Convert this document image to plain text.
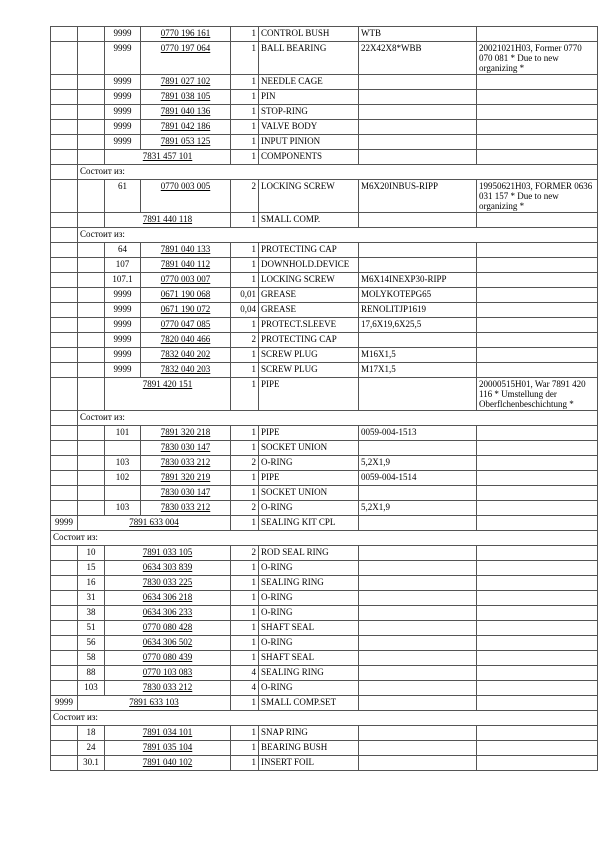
		9999	0770 196 161	1	CONTROL BUSH	WTB	
		9999	0770 197 064	1	BALL BEARING	22X42X8*WBB	20021021H03, Former 0770 070 081 * Due to new organizing *
		9999	7891 027 102	1	NEEDLE CAGE		
		9999	7891 038 105	1	PIN		
		9999	7891 040 136	1	STOP-RING		
		9999	7891 042 186	1	VALVE BODY		
		9999	7891 053 125	1	INPUT PINION		
		7831 457 101		1	COMPONENTS		
	Состоит из:						
		61	0770 003 005	2	LOCKING SCREW	M6X20INBUS-RIPP	19950621H03, FORMER 0636 031 157 * Due to new organizing *
		7891 440 118		1	SMALL COMP.		
	Состоит из:						
		64	7891 040 133	1	PROTECTING CAP		
		107	7891 040 112	1	DOWNHOLD.DEVICE		
		107.1	0770 003 007	1	LOCKING SCREW	M6X14INEXP30-RIPP	
		9999	0671 190 068	0,01	GREASE	MOLYKOTEPG65	
		9999	0671 190 072	0,04	GREASE	RENOLITJP1619	
		9999	0770 047 085	1	PROTECT.SLEEVE	17,6X19,6X25,5	
		9999	7820 040 466	2	PROTECTING CAP		
		9999	7832 040 202	1	SCREW PLUG	M16X1,5	
		9999	7832 040 203	1	SCREW PLUG	M17X1,5	
		7891 420 151		1	PIPE		20000515H01, War 7891 420 116 * Umstellung der Oberflchenbeschichtung *
	Состоит из:						
		101	7891 320 218	1	PIPE	0059-004-1513	
			7830 030 147	1	SOCKET UNION		
		103	7830 033 212	2	O-RING	5,2X1,9	
		102	7891 320 219	1	PIPE	0059-004-1514	
			7830 030 147	1	SOCKET UNION		
		103	7830 033 212	2	O-RING	5,2X1,9	
9999	7891 633 004			1	SEALING KIT CPL		
Состоит из:							
	10	7891 033 105		2	ROD SEAL RING		
	15	0634 303 839		1	O-RING		
	16	7830 033 225		1	SEALING RING		
	31	0634 306 218		1	O-RING		
	38	0634 306 233		1	O-RING		
	51	0770 080 428		1	SHAFT SEAL		
	56	0634 306 502		1	O-RING		
	58	0770 080 439		1	SHAFT SEAL		
	88	0770 103 083		4	SEALING RING		
	103	7830 033 212		4	O-RING		
9999	7891 633 103			1	SMALL COMP.SET		
Состоит из:							
	18	7891 034 101		1	SNAP RING		
	24	7891 035 104		1	BEARING BUSH		
	30.1	7891 040 102		1	INSERT FOIL		
